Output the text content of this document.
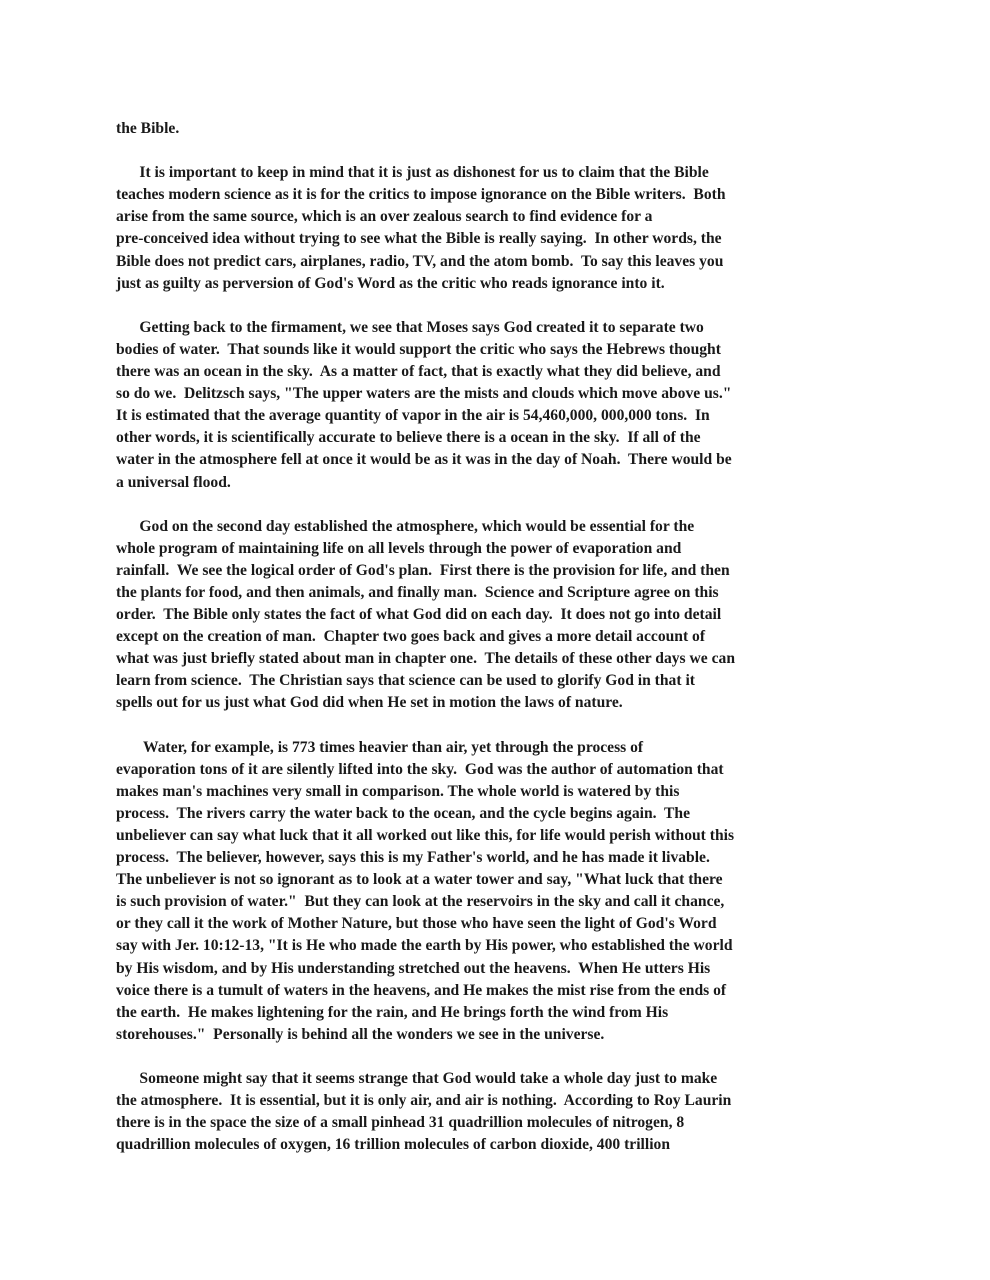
the Bible.
It is important to keep in mind that it is just as dishonest for us to claim that the Bible
teaches modern science as it is for the critics to impose ignorance on the Bible writers.  Both
arise from the same source, which is an over zealous search to find evidence for a
pre-conceived idea without trying to see what the Bible is really saying.  In other words, the
Bible does not predict cars, airplanes, radio, TV, and the atom bomb.  To say this leaves you
just as guilty as perversion of God's Word as the critic who reads ignorance into it.
Getting back to the firmament, we see that Moses says God created it to separate two
bodies of water.  That sounds like it would support the critic who says the Hebrews thought
there was an ocean in the sky.  As a matter of fact, that is exactly what they did believe, and
so do we.  Delitzsch says, "The upper waters are the mists and clouds which move above us."
It is estimated that the average quantity of vapor in the air is 54,460,000, 000,000 tons.  In
other words, it is scientifically accurate to believe there is a ocean in the sky.  If all of the
water in the atmosphere fell at once it would be as it was in the day of Noah.  There would be
a universal flood.
God on the second day established the atmosphere, which would be essential for the
whole program of maintaining life on all levels through the power of evaporation and
rainfall.  We see the logical order of God's plan.  First there is the provision for life, and then
the plants for food, and then animals, and finally man.  Science and Scripture agree on this
order.  The Bible only states the fact of what God did on each day.  It does not go into detail
except on the creation of man.  Chapter two goes back and gives a more detail account of
what was just briefly stated about man in chapter one.  The details of these other days we can
learn from science.  The Christian says that science can be used to glorify God in that it
spells out for us just what God did when He set in motion the laws of nature.
Water, for example, is 773 times heavier than air, yet through the process of
evaporation tons of it are silently lifted into the sky.  God was the author of automation that
makes man's machines very small in comparison. The whole world is watered by this
process.  The rivers carry the water back to the ocean, and the cycle begins again.  The
unbeliever can say what luck that it all worked out like this, for life would perish without this
process.  The believer, however, says this is my Father's world, and he has made it livable.
The unbeliever is not so ignorant as to look at a water tower and say, "What luck that there
is such provision of water."  But they can look at the reservoirs in the sky and call it chance,
or they call it the work of Mother Nature, but those who have seen the light of God's Word
say with Jer. 10:12-13, "It is He who made the earth by His power, who established the world
by His wisdom, and by His understanding stretched out the heavens.  When He utters His
voice there is a tumult of waters in the heavens, and He makes the mist rise from the ends of
the earth.  He makes lightening for the rain, and He brings forth the wind from His
storehouses."  Personally is behind all the wonders we see in the universe.
Someone might say that it seems strange that God would take a whole day just to make
the atmosphere.  It is essential, but it is only air, and air is nothing.  According to Roy Laurin
there is in the space the size of a small pinhead 31 quadrillion molecules of nitrogen, 8
quadrillion molecules of oxygen, 16 trillion molecules of carbon dioxide, 400 trillion
